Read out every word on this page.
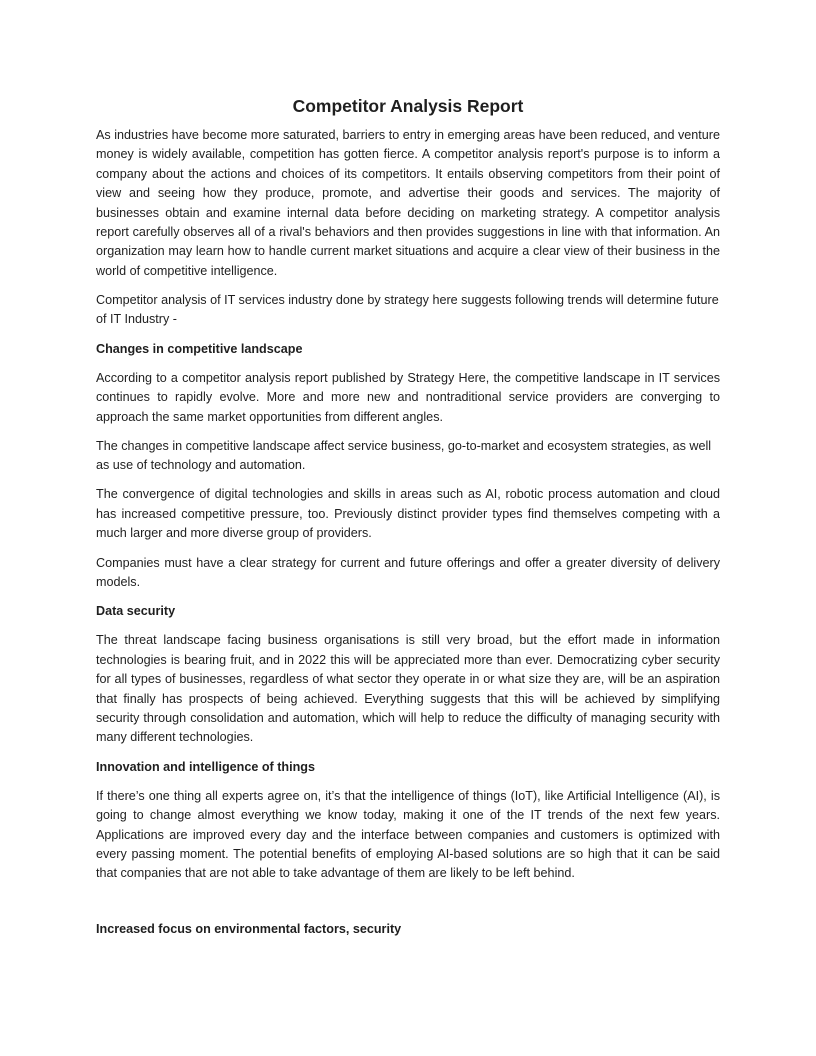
Competitor Analysis Report

As industries have become more saturated, barriers to entry in emerging areas have been reduced, and venture money is widely available, competition has gotten fierce. A competitor analysis report's purpose is to inform a company about the actions and choices of its competitors. It entails observing competitors from their point of view and seeing how they produce, promote, and advertise their goods and services. The majority of businesses obtain and examine internal data before deciding on marketing strategy. A competitor analysis report carefully observes all of a rival's behaviors and then provides suggestions in line with that information. An organization may learn how to handle current market situations and acquire a clear view of their business in the world of competitive intelligence.

Competitor analysis of IT services industry done by strategy here suggests following trends will determine future of IT Industry -

Changes in competitive landscape

According to a competitor analysis report published by Strategy Here, the competitive landscape in IT services continues to rapidly evolve. More and more new and nontraditional service providers are converging to approach the same market opportunities from different angles.

The changes in competitive landscape affect service business, go-to-market and ecosystem strategies, as well as use of technology and automation.

The convergence of digital technologies and skills in areas such as AI, robotic process automation and cloud has increased competitive pressure, too. Previously distinct provider types find themselves competing with a much larger and more diverse group of providers.

Companies must have a clear strategy for current and future offerings and offer a greater diversity of delivery models.

Data security

The threat landscape facing business organisations is still very broad, but the effort made in information technologies is bearing fruit, and in 2022 this will be appreciated more than ever. Democratizing cyber security for all types of businesses, regardless of what sector they operate in or what size they are, will be an aspiration that finally has prospects of being achieved. Everything suggests that this will be achieved by simplifying security through consolidation and automation, which will help to reduce the difficulty of managing security with many different technologies.

Innovation and intelligence of things

If there’s one thing all experts agree on, it’s that the intelligence of things (IoT), like Artificial Intelligence (AI), is going to change almost everything we know today, making it one of the IT trends of the next few years. Applications are improved every day and the interface between companies and customers is optimized with every passing moment. The potential benefits of employing AI-based solutions are so high that it can be said that companies that are not able to take advantage of them are likely to be left behind.

Increased focus on environmental factors, security
